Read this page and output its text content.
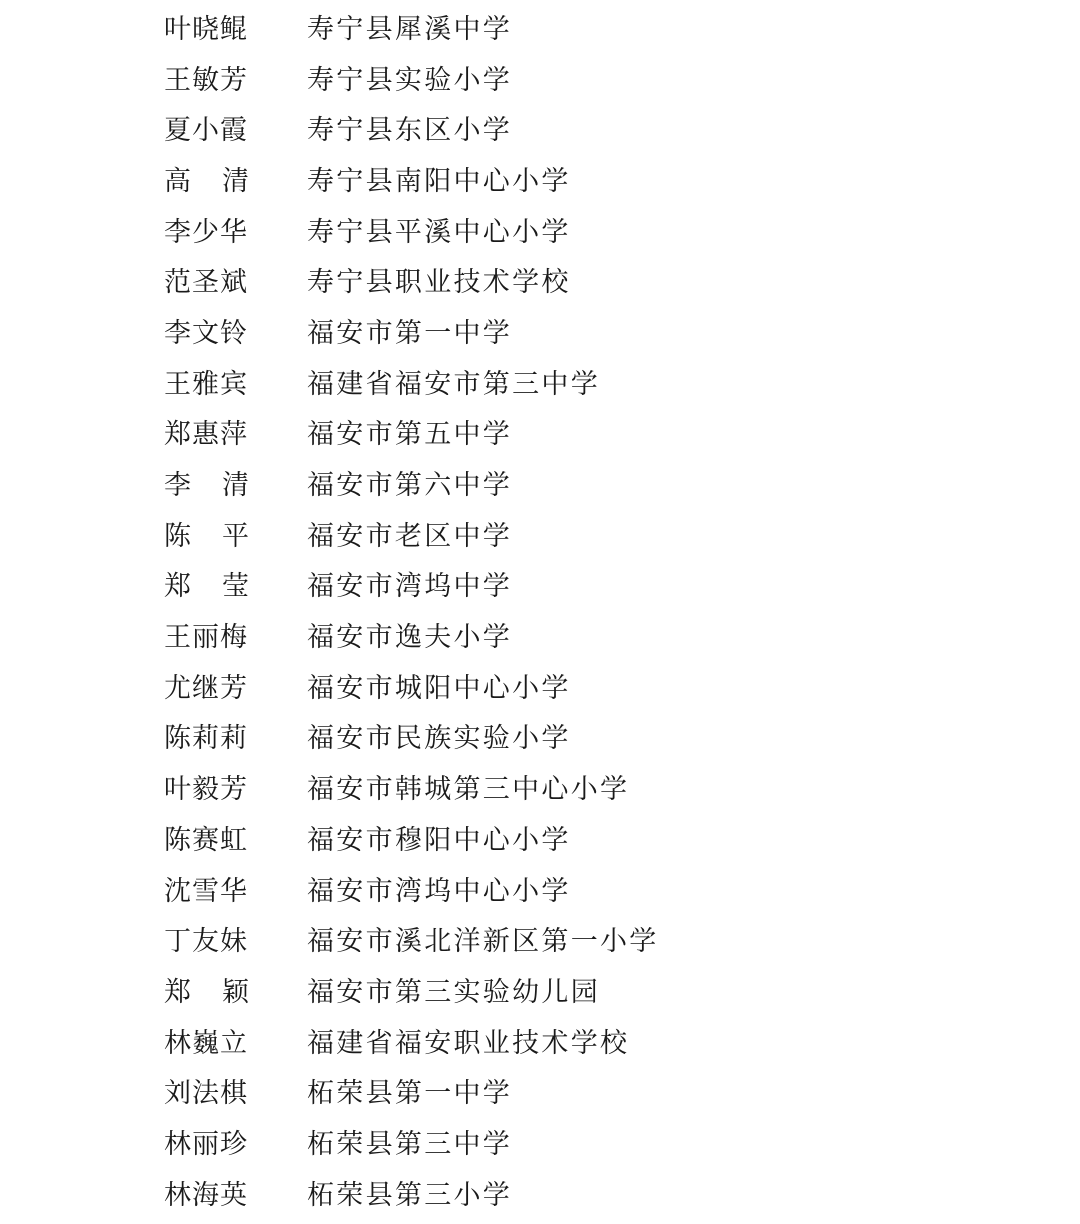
叶晓鲲 寿宁县犀溪中学
王敏芳 寿宁县实验小学
夏小霞 寿宁县东区小学
高清 寿宁县南阳中心小学
李少华 寿宁县平溪中心小学
范圣斌 寿宁县职业技术学校
李文铃 福安市第一中学
王雅宾 福建省福安市第三中学
郑惠萍 福安市第五中学
李清 福安市第六中学
陈平 福安市老区中学
郑莹 福安市湾坞中学
王丽梅 福安市逸夫小学
尤继芳 福安市城阳中心小学
陈莉莉 福安市民族实验小学
叶毅芳 福安市韩城第三中心小学
陈赛虹 福安市穆阳中心小学
沈雪华 福安市湾坞中心小学
丁友妹 福安市溪北洋新区第一小学
郑颖 福安市第三实验幼儿园
林巍立 福建省福安职业技术学校
刘法棋 柘荣县第一中学
林丽珍 柘荣县第三中学
林海英 柘荣县第三小学
